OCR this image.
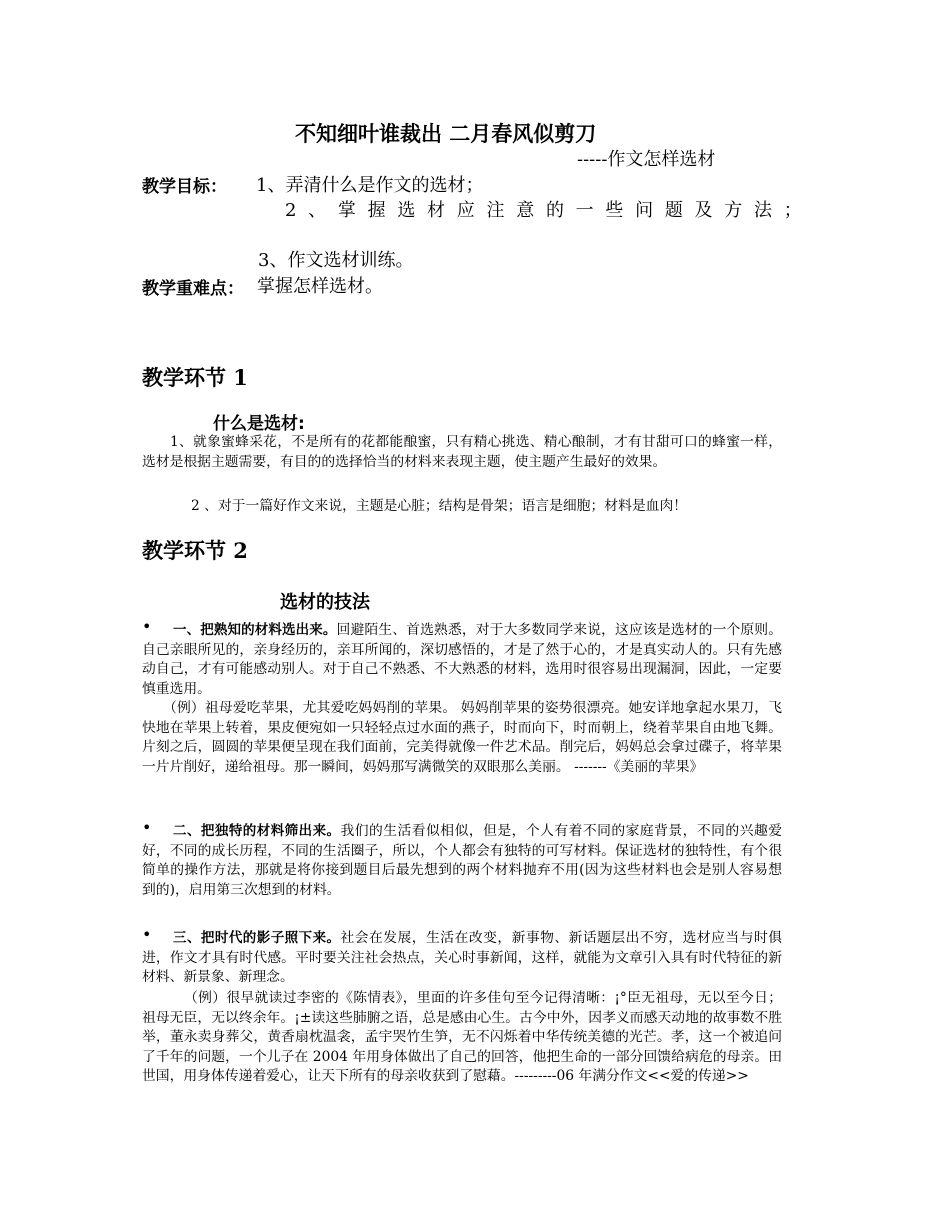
不知细叶谁裁出 二月春风似剪刀
-----作文怎样选材
教学目标： 1、弄清什么是作文的选材；
2 、 掌 握 选 材 应 注 意 的 一 些 问 题 及 方 法 ；
3、作文选材训练。
教学重难点： 掌握怎样选材。
教学环节 1
什么是选材:
1、就象蜜蜂采花，不是所有的花都能酿蜜，只有精心挑选、精心酿制，才有甘甜可口的蜂蜜一样，选材是根据主题需要，有目的的选择恰当的材料来表现主题，使主题产生最好的效果。
2 、对于一篇好作文来说，主题是心脏；结构是骨架；语言是细胞；材料是血肉！
教学环节 2
选材的技法
•	一、把熟知的材料选出来。回避陌生、首选熟悉，对于大多数同学来说，这应该是选材的一个原则。自己亲眼所见的，亲身经历的，亲耳所闻的，深切感悟的，才是了然于心的，才是真实动人的。只有先感动自己，才有可能感动别人。对于自己不熟悉、不大熟悉的材料，选用时很容易出现漏洞，因此，一定要慎重选用。
（例）祖母爱吃苹果，尤其爱吃妈妈削的苹果。 妈妈削苹果的姿势很漂亮。她安详地拿起水果刀，飞快地在苹果上转着，果皮便宛如一只轻轻点过水面的燕子，时而向下，时而朝上，绕着苹果自由地飞舞。片刻之后，圆圆的苹果便呈现在我们面前，完美得就像一件艺术品。削完后，妈妈总会拿过碟子，将苹果一片片削好，递给祖母。那一瞬间，妈妈那写满微笑的双眼那么美丽。 -------《美丽的苹果》
•	二、把独特的材料筛出来。我们的生活看似相似，但是，个人有着不同的家庭背景，不同的兴趣爱好，不同的成长历程，不同的生活圈子，所以，个人都会有独特的可写材料。保证选材的独特性，有个很简单的操作方法，那就是将你接到题目后最先想到的两个材料抛弃不用(因为这些材料也会是别人容易想到的)，启用第三次想到的材料。
•	三、把时代的影子照下来。社会在发展，生活在改变，新事物、新话题层出不穷，选材应当与时俱进，作文才具有时代感。平时要关注社会热点，关心时事新闻，这样，就能为文章引入具有时代特征的新材料、新景象、新理念。
（例）很早就读过李密的《陈情表》，里面的许多佳句至今记得清晰：¡°臣无祖母，无以至今日；祖母无臣，无以终余年。¡±读这些肺腑之语，总是感由心生。古今中外，因孝义而感天动地的故事数不胜举，董永卖身葬父，黄香扇枕温衾，孟宇哭竹生笋，无不闪烁着中华传统美德的光芒。孝，这一个被追问了千年的问题，一个儿子在 2004 年用身体做出了自己的回答，他把生命的一部分回馈给病危的母亲。田世国，用身体传递着爱心，让天下所有的母亲收获到了慰藉。---------06 年满分作文<<爱的传递>>
